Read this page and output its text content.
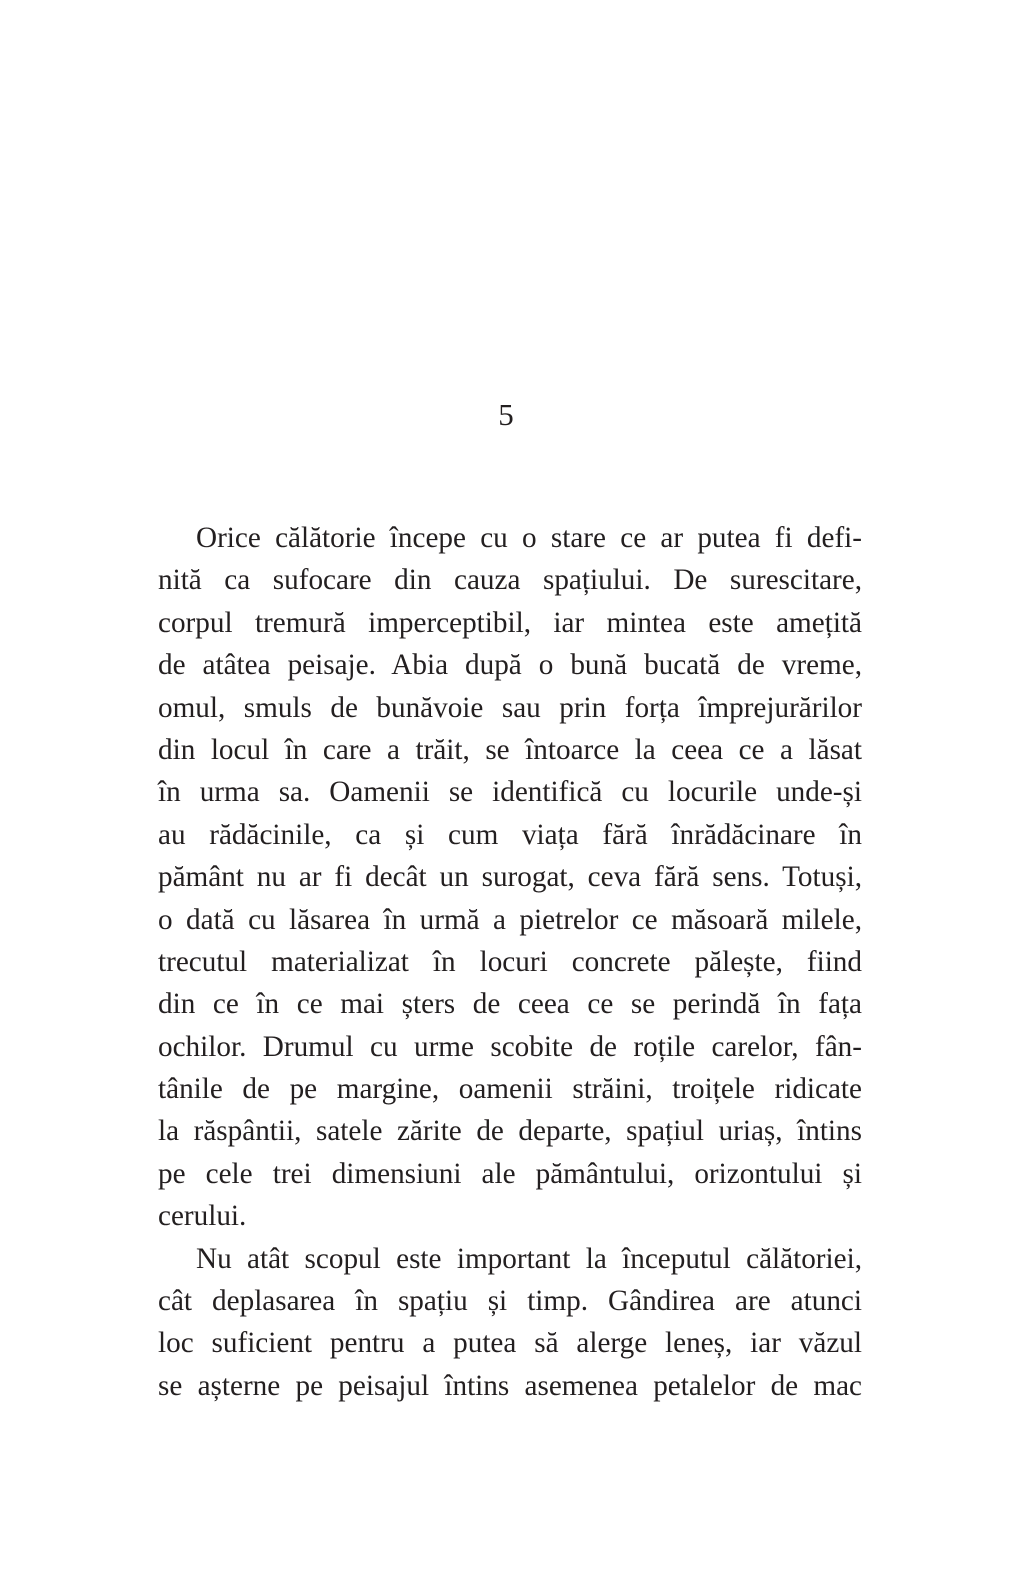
5
Orice călătorie începe cu o stare ce ar putea fi defi-
nită ca sufocare din cauza spațiului. De surescitare,
corpul tremură imperceptibil, iar mintea este amețită
de atâtea peisaje. Abia după o bună bucată de vreme,
omul, smuls de bunăvoie sau prin forța împrejurărilor
din locul în care a trăit, se întoarce la ceea ce a lăsat
în urma sa. Oamenii se identifică cu locurile unde-și
au rădăcinile, ca și cum viața fără înrădăcinare în
pământ nu ar fi decât un surogat, ceva fără sens. Totuși,
o dată cu lăsarea în urmă a pietrelor ce măsoară milele,
trecutul materializat în locuri concrete pălește, fiind
din ce în ce mai șters de ceea ce se perindă în fața
ochilor. Drumul cu urme scobite de roțile carelor, fân-
tânile de pe margine, oamenii străini, troițele ridicate
la răspântii, satele zărite de departe, spațiul uriaș, întins
pe cele trei dimensiuni ale pământului, orizontului și
cerului.
Nu atât scopul este important la începutul călătoriei,
cât deplasarea în spațiu și timp. Gândirea are atunci
loc suficient pentru a putea să alerge leneș, iar văzul
se așterne pe peisajul întins asemenea petalelor de mac
